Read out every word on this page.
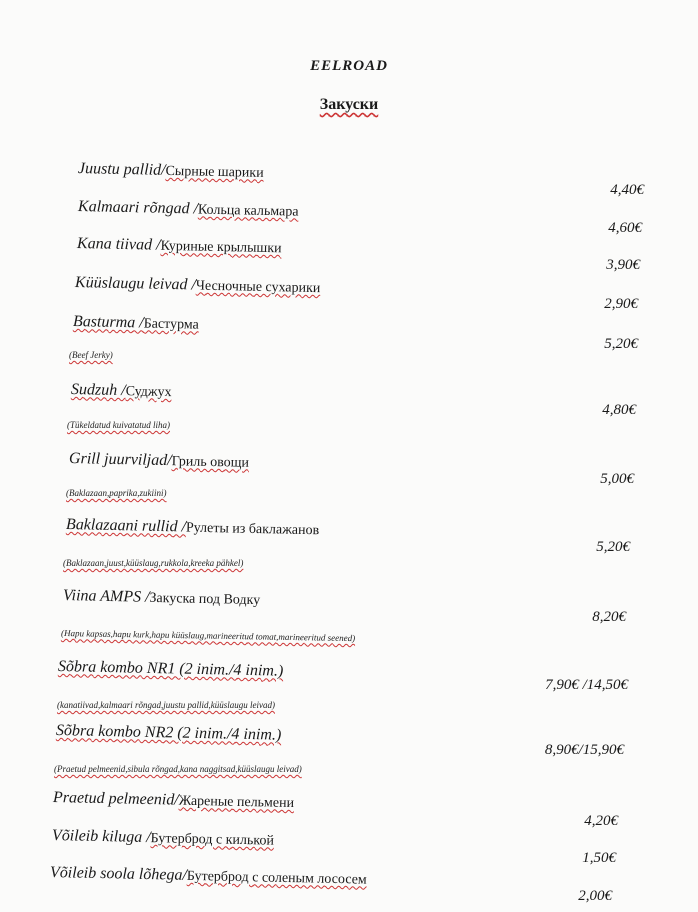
EELROAD
Закуски
Juustu pallid/Сырные шарики
4,40€
Kalmaari rõngad /Кольца кальмара
4,60€
Kana tiivad /Куриные крылышки
3,90€
Küüslaugu leivad /Чесночные сухарики
2,90€
Basturma /Бастурма
(Beef Jerky)
5,20€
Sudzuh /Суджух
(Tükeldatud kuivatatud liha)
4,80€
Grill juurviljad/Гриль овощи
(Baklazaan,paprika,zukiini)
5,00€
Baklazaani rullid /Рулеты из баклажанов
(Baklazaan,juust,küüslaug,rukkola,kreeka pähkel)
5,20€
Viina AMPS /Закуска под Водку
(Hapu kapsas,hapu kurk,hapu küüslaug,marineeritud tomat,marineeritud seened)
8,20€
Sõbra kombo NR1 (2 inim./4 inim.)
(kanatiivad,kalmaari rõngad,juustu pallid,küüslaugu leivad)
7,90€ /14,50€
Sõbra kombo NR2 (2 inim./4 inim.)
(Praetud pelmeenid,sibula rõngad,kana naggitsad,küüslaugu leivad)
8,90€/15,90€
Praetud pelmeenid/Жареные пельмени
4,20€
Võileib kiluga /Бутерброд с килькой
1,50€
Võileib soola lõhega/Бутерброд с соленым лососем
2,00€
